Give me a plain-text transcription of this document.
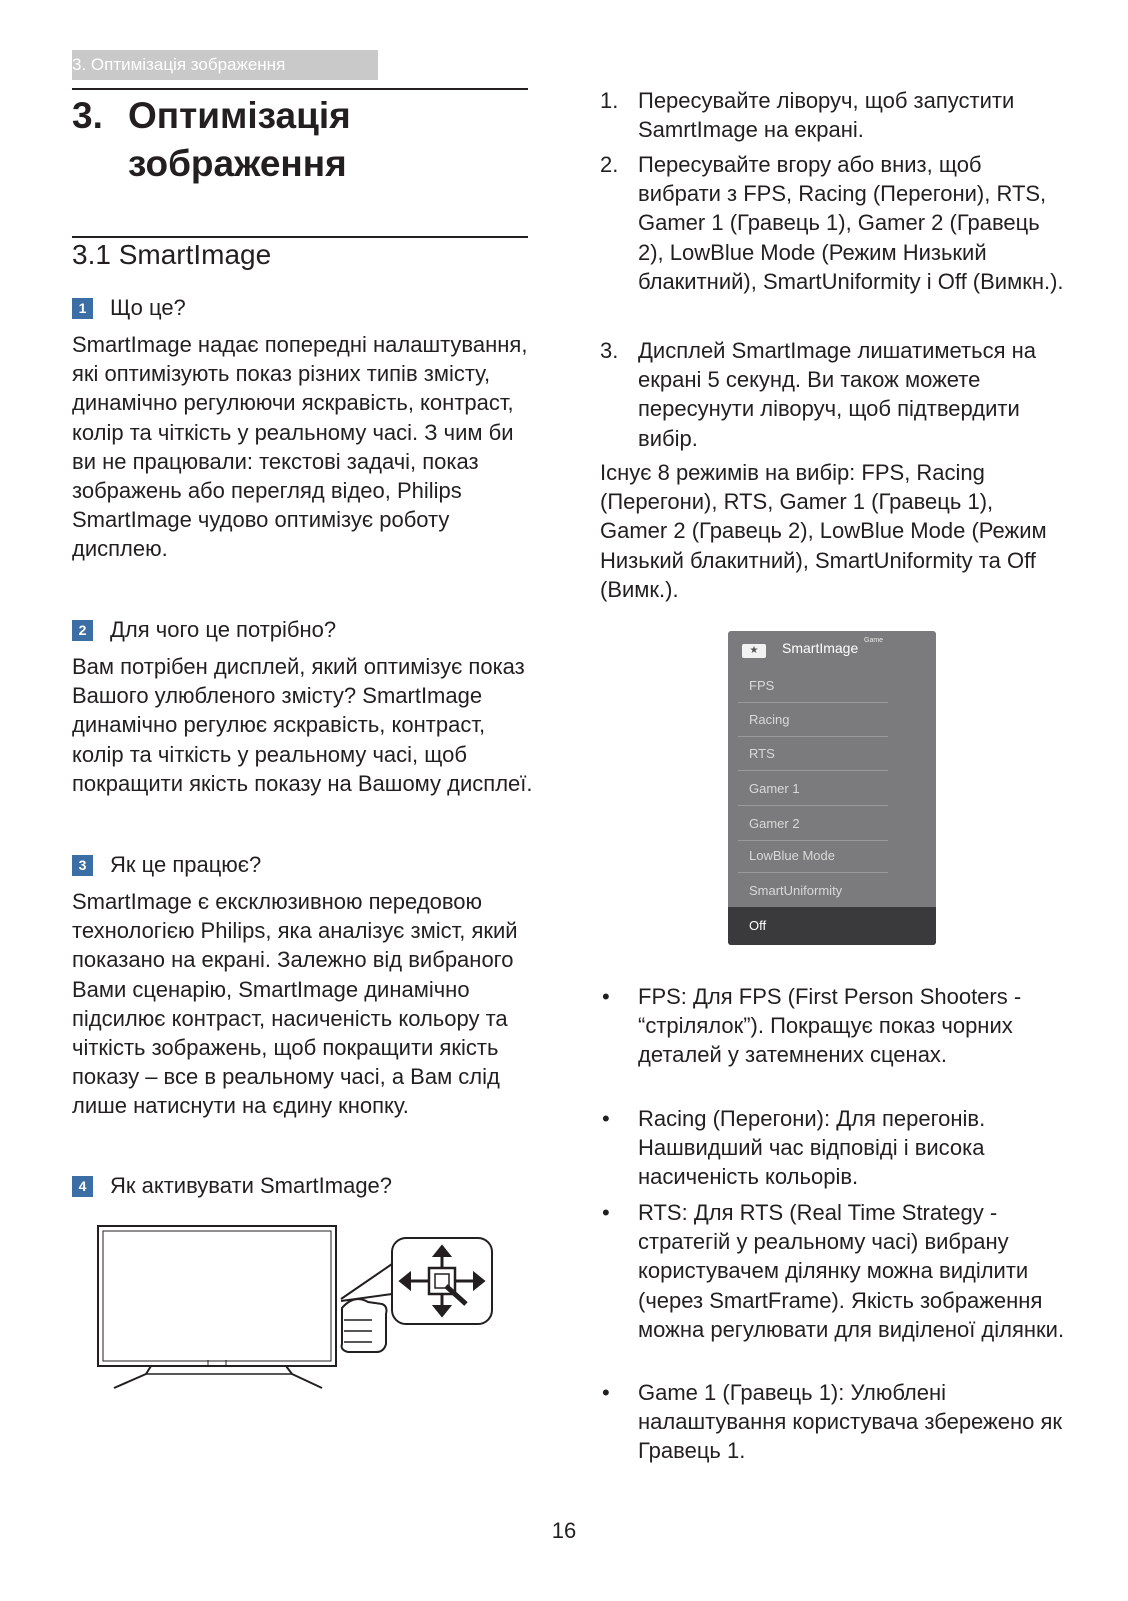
3. Оптимізація зображення
3. Оптимізація зображення
3.1 SmartImage
1	Що це?
SmartImage надає попередні налаштування, які оптимізують показ різних типів змісту, динамічно регулюючи яскравість, контраст, колір та чіткість у реальному часі. З чим би ви не працювали: текстові задачі, показ зображень або перегляд відео, Philips SmartImage чудово оптимізує роботу дисплею.
2	Для чого це потрібно?
Вам потрібен дисплей, який оптимізує показ Вашого улюбленого змісту? SmartImage динамічно регулює яскравість, контраст, колір та чіткість у реальному часі, щоб покращити якість показу на Вашому дисплеї.
3	Як це працює?
SmartImage є ексклюзивною передовою технологією Philips, яка аналізує зміст, який показано на екрані. Залежно від вибраного Вами сценарію, SmartImage динамічно підсилює контраст, насиченість кольору та чіткість зображень, щоб покращити якість показу – все в реальному часі, а Вам слід лише натиснути на єдину кнопку.
4	Як активувати SmartImage?
1. Пересувайте ліворуч, щоб запустити SamrtImage на екрані.
2. Пересувайте вгору або вниз, щоб вибрати з FPS, Racing (Перегони), RTS, Gamer 1 (Гравець 1), Gamer 2 (Гравець 2), LowBlue Mode (Режим Низький блакитний), SmartUniformity і Off (Вимкн.).
3. Дисплей SmartImage лишатиметься на екрані 5 секунд. Ви також можете пересунути ліворуч, щоб підтвердити вибір.
Існує 8 режимів на вибір: FPS, Racing (Перегони), RTS, Gamer 1 (Гравець 1), Gamer 2 (Гравець 2), LowBlue Mode (Режим Низький блакитний), SmartUniformity та Off (Вимк.).
★	SmartImage Game
FPS
Racing
RTS
Gamer 1
Gamer 2
LowBlue Mode
SmartUniformity
Off
• FPS: Для FPS (First Person Shooters - “стрілялок”). Покращує показ чорних деталей у затемнених сценах.
• Racing (Перегони): Для перегонів. Нашвидший час відповіді і висока насиченість кольорів.
• RTS: Для RTS (Real Time Strategy - стратегій у реальному часі) вибрану користувачем ділянку можна виділити (через SmartFrame). Якість зображення можна регулювати для виділеної ділянки.
• Game 1 (Гравець 1): Улюблені налаштування користувача збережено як Гравець 1.
16
